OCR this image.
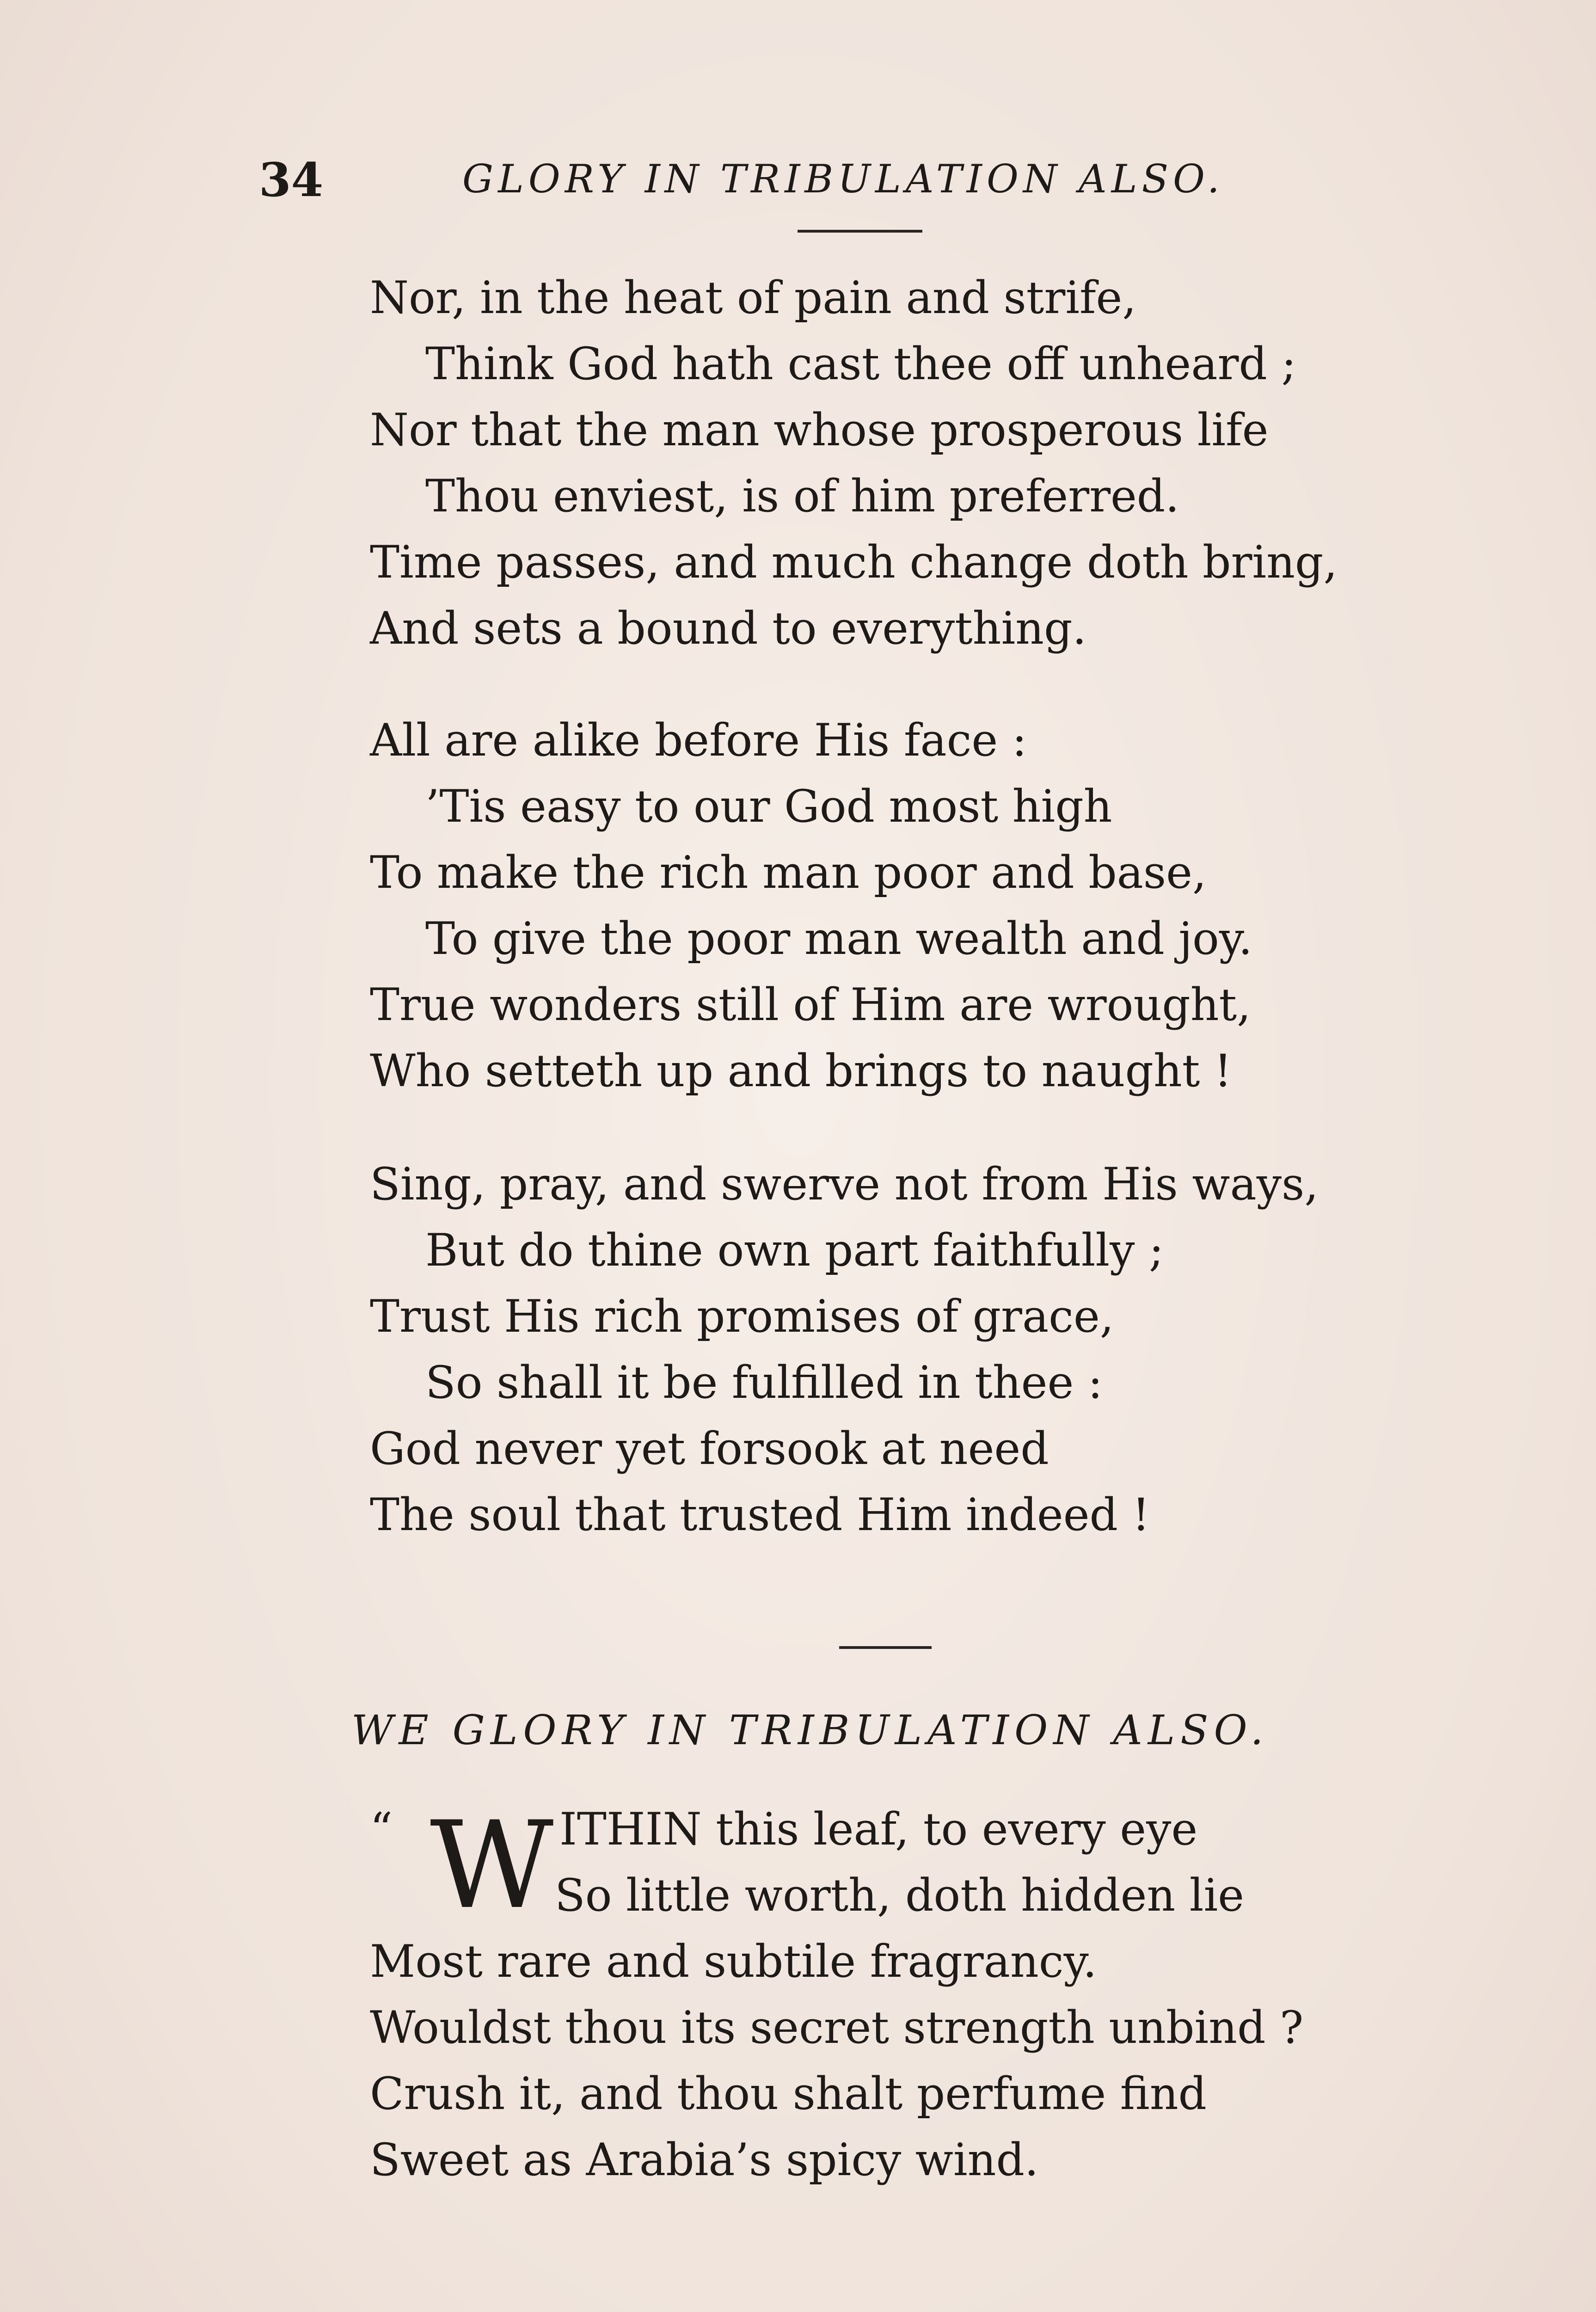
34	GLORY IN TRIBULATION ALSO.
Nor, in the heat of pain and strife,
Think God hath cast thee off unheard ;
Nor that the man whose prosperous life
Thou enviest, is of him preferred.
Time passes, and much change doth bring,
And sets a bound to everything.
All are alike before His face :
’Tis easy to our God most high
To make the rich man poor and base,
To give the poor man wealth and joy.
True wonders still of Him are wrought,
Who setteth up and brings to naught !
Sing, pray, and swerve not from His ways,
But do thine own part faithfully ;
Trust His rich promises of grace,
So shall it be fulfilled in thee :
God never yet forsook at need
The soul that trusted Him indeed !
WE GLORY IN TRIBULATION ALSO.
“ W ITHIN this leaf, to every eye
So little worth, doth hidden lie
Most rare and subtile fragrancy.
Wouldst thou its secret strength unbind ?
Crush it, and thou shalt perfume find
Sweet as Arabia’s spicy wind.
